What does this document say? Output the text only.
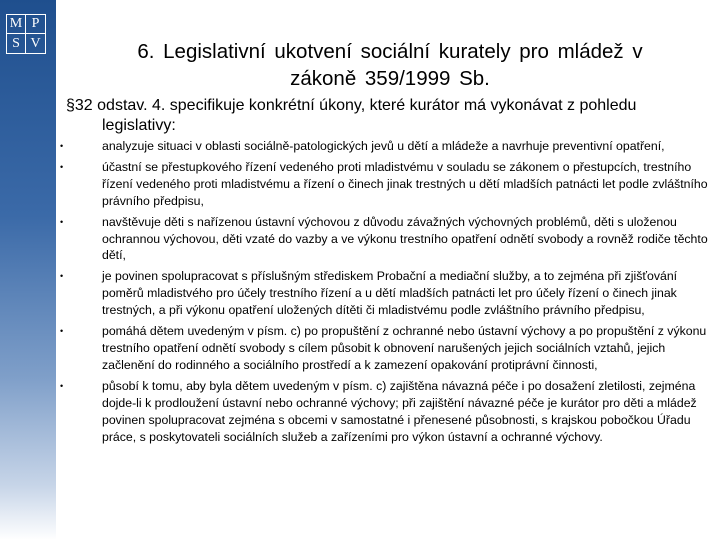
M P
S V	6. Legislativní ukotvení sociální kurately pro mládež v zákoně 359/1999 Sb.
§32 odstav. 4. specifikuje konkrétní úkony, které kurátor má vykonávat z pohledu legislativy:
•	analyzuje situaci v oblasti sociálně-patologických jevů u dětí a mládeže a navrhuje preventivní opatření,
•	účastní se přestupkového řízení vedeného proti mladistvému v souladu se zákonem o přestupcích, trestního řízení vedeného proti mladistvému a řízení o činech jinak trestných u dětí mladších patnácti let podle zvláštního právního předpisu,
•	navštěvuje děti s nařízenou ústavní výchovou z důvodu závažných výchovných problémů, děti s uloženou ochrannou výchovou, děti vzaté do vazby a ve výkonu trestního opatření odnětí svobody a rovněž rodiče těchto dětí,
•	je povinen spolupracovat s příslušným střediskem Probační a mediační služby, a to zejména při zjišťování poměrů mladistvého pro účely trestního řízení a u dětí mladších patnácti let pro účely řízení o činech jinak trestných, a při výkonu opatření uložených dítěti či mladistvému podle zvláštního právního předpisu,
•	pomáhá dětem uvedeným v písm. c) po propuštění z ochranné nebo ústavní výchovy a po propuštění z výkonu trestního opatření odnětí svobody s cílem působit k obnovení narušených jejich sociálních vztahů, jejich začlenění do rodinného a sociálního prostředí a k zamezení opakování protiprávní činnosti,
•	působí k tomu, aby byla dětem uvedeným v písm. c) zajištěna návazná péče i po dosažení zletilosti, zejména dojde-li k prodloužení ústavní nebo ochranné výchovy; při zajištění návazné péče je kurátor pro děti a mládež povinen spolupracovat zejména s obcemi v samostatné i přenesené působnosti, s krajskou pobočkou Úřadu práce, s poskytovateli sociálních služeb a zařízeními pro výkon ústavní a ochranné výchovy.
